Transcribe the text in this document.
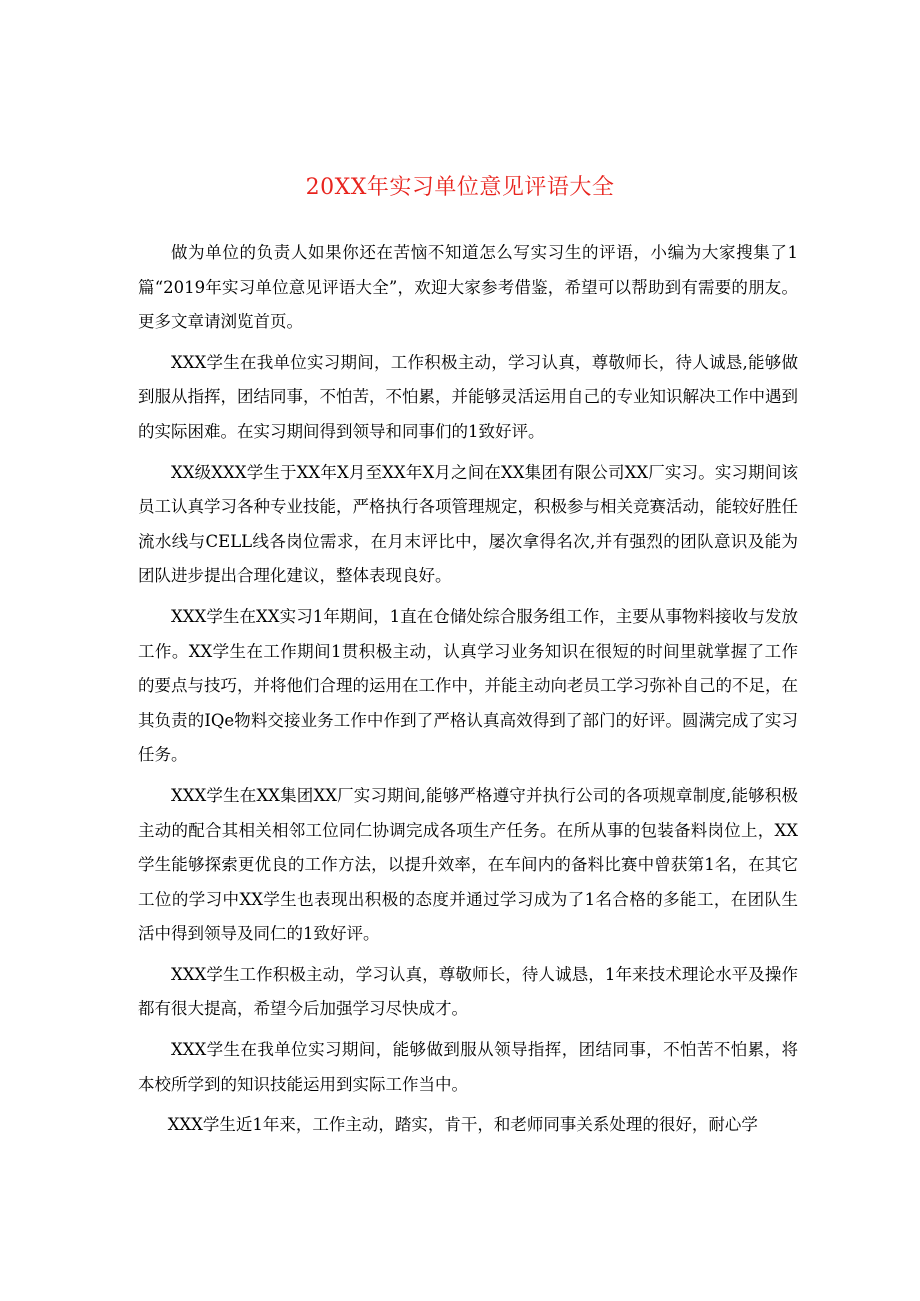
20XX年实习单位意见评语大全

做为单位的负责人如果你还在苦恼不知道怎么写实习生的评语，小编为大家搜集了1篇“2019年实习单位意见评语大全”，欢迎大家参考借鉴，希望可以帮助到有需要的朋友。更多文章请浏览首页。

XXX学生在我单位实习期间，工作积极主动，学习认真，尊敬师长，待人诚恳,能够做到服从指挥，团结同事，不怕苦，不怕累，并能够灵活运用自己的专业知识解决工作中遇到的实际困难。在实习期间得到领导和同事们的1致好评。

XX级XXX学生于XX年X月至XX年X月之间在XX集团有限公司XX厂实习。实习期间该员工认真学习各种专业技能，严格执行各项管理规定，积极参与相关竞赛活动，能较好胜任流水线与CELL线各岗位需求，在月末评比中，屡次拿得名次,并有强烈的团队意识及能为团队进步提出合理化建议，整体表现良好。

XXX学生在XX实习1年期间，1直在仓储处综合服务组工作，主要从事物料接收与发放工作。XX学生在工作期间1贯积极主动，认真学习业务知识在很短的时间里就掌握了工作的要点与技巧，并将他们合理的运用在工作中，并能主动向老员工学习弥补自己的不足，在其负责的IQe物料交接业务工作中作到了严格认真高效得到了部门的好评。圆满完成了实习任务。

XXX学生在XX集团XX厂实习期间,能够严格遵守并执行公司的各项规章制度,能够积极主动的配合其相关相邻工位同仁协调完成各项生产任务。在所从事的包装备料岗位上，XX学生能够探索更优良的工作方法，以提升效率，在车间内的备料比赛中曾获第1名，在其它工位的学习中XX学生也表现出积极的态度并通过学习成为了1名合格的多能工，在团队生活中得到领导及同仁的1致好评。

XXX学生工作积极主动，学习认真，尊敬师长，待人诚恳，1年来技术理论水平及操作都有很大提高，希望今后加强学习尽快成才。

XXX学生在我单位实习期间，能够做到服从领导指挥，团结同事，不怕苦不怕累，将本校所学到的知识技能运用到实际工作当中。

XXX学生近1年来，工作主动，踏实，肯干，和老师同事关系处理的很好，耐心学
